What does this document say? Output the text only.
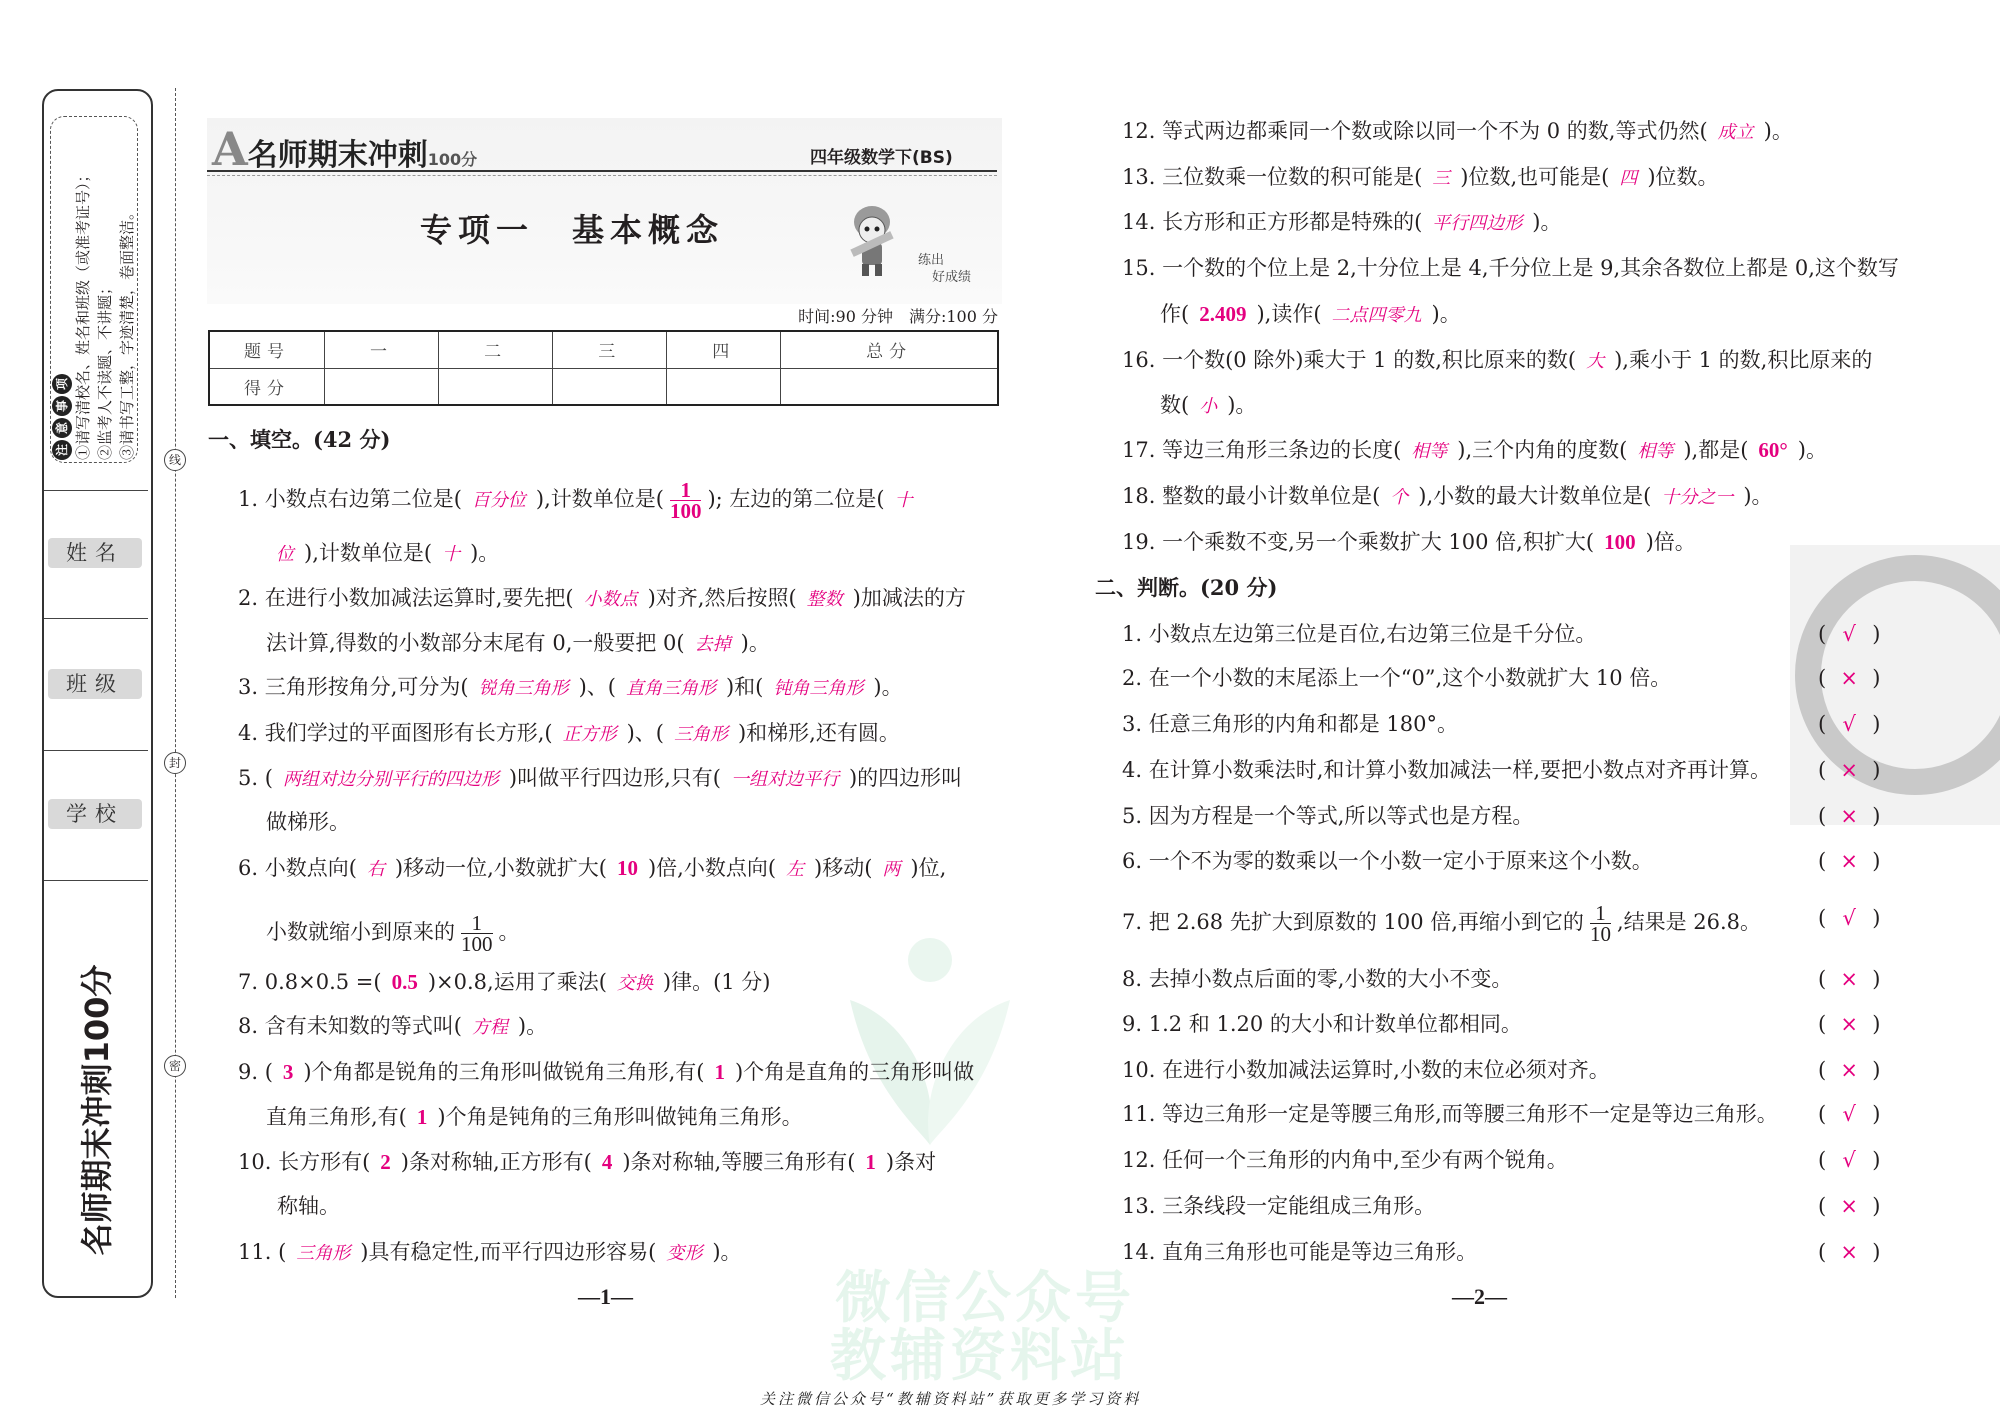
注意事项 ①请写清校名、姓名和班级（或准考证号）； ②监考人不读题、不讲题； ③请书写工整，字迹清楚，卷面整洁。
姓名
班级
学校
名师期末冲刺100分
线
封
密
微信公众号
教辅资料站
A名师期末冲刺100分	四年级数学下(BS)
专项一　基本概念
练出
好成绩
时间:90 分钟　满分:100 分
题号	一	二	三	四	总分
得分					
一、填空。(42 分)
二、判断。(20 分)
1. 小数点右边第二位是( 百分位 ),计数单位是( $\frac{1}{100}$ ); 左边的第二位是( 十
位 ),计数单位是( 十 )。
2. 在进行小数加减法运算时,要先把( 小数点 )对齐,然后按照( 整数 )加减法的方
法计算,得数的小数部分末尾有 0,一般要把 0( 去掉 )。
3. 三角形按角分,可分为( 锐角三角形 )、( 直角三角形 )和( 钝角三角形 )。
4. 我们学过的平面图形有长方形,( 正方形 )、( 三角形 )和梯形,还有圆。
5. ( 两组对边分别平行的四边形 )叫做平行四边形,只有( 一组对边平行 )的四边形叫
做梯形。
6. 小数点向( 右 )移动一位,小数就扩大( 10 )倍,小数点向( 左 )移动( 两 )位,
小数就缩小到原来的 $\frac{1}{100}$ 。
7. 0.8×0.5 =( 0.5 )×0.8,运用了乘法( 交换 )律。(1 分)
8. 含有未知数的等式叫( 方程 )。
9. ( 3 )个角都是锐角的三角形叫做锐角三角形,有( 1 )个角是直角的三角形叫做
直角三角形,有( 1 )个角是钝角的三角形叫做钝角三角形。
10. 长方形有( 2 )条对称轴,正方形有( 4 )条对称轴,等腰三角形有( 1 )条对
称轴。
11. ( 三角形 )具有稳定性,而平行四边形容易( 变形 )。
12. 等式两边都乘同一个数或除以同一个不为 0 的数,等式仍然( 成立 )。
13. 三位数乘一位数的积可能是( 三 )位数,也可能是( 四 )位数。
14. 长方形和正方形都是特殊的( 平行四边形 )。
15. 一个数的个位上是 2,十分位上是 4,千分位上是 9,其余各数位上都是 0,这个数写
作( 2.409 ),读作( 二点四零九 )。
16. 一个数(0 除外)乘大于 1 的数,积比原来的数( 大 ),乘小于 1 的数,积比原来的
数( 小 )。
17. 等边三角形三条边的长度( 相等 ),三个内角的度数( 相等 ),都是( 60° )。
18. 整数的最小计数单位是( 个 ),小数的最大计数单位是( 十分之一 )。
19. 一个乘数不变,另一个乘数扩大 100 倍,积扩大( 100 )倍。
1. 小数点左边第三位是百位,右边第三位是千分位。	( √ )
2. 在一个小数的末尾添上一个“0”,这个小数就扩大 10 倍。	( × )
3. 任意三角形的内角和都是 180°。	( √ )
4. 在计算小数乘法时,和计算小数加减法一样,要把小数点对齐再计算。 ( × )
5. 因为方程是一个等式,所以等式也是方程。	( × )
6. 一个不为零的数乘以一个小数一定小于原来这个小数。	( × )
7. 把 2.68 先扩大到原数的 100 倍,再缩小到它的 $\frac{1}{10}$ ,结果是 26.8。	( √ )
8. 去掉小数点后面的零,小数的大小不变。	( × )
9. 1.2 和 1.20 的大小和计数单位都相同。	( × )
10. 在进行小数加减法运算时,小数的末位必须对齐。	( × )
11. 等边三角形一定是等腰三角形,而等腰三角形不一定是等边三角形。 ( √ )
12. 任何一个三角形的内角中,至少有两个锐角。	( √ )
13. 三条线段一定能组成三角形。	( × )
14. 直角三角形也可能是等边三角形。	( × )
—1—	—2—
关注微信公众号“教辅资料站”获取更多学习资料
